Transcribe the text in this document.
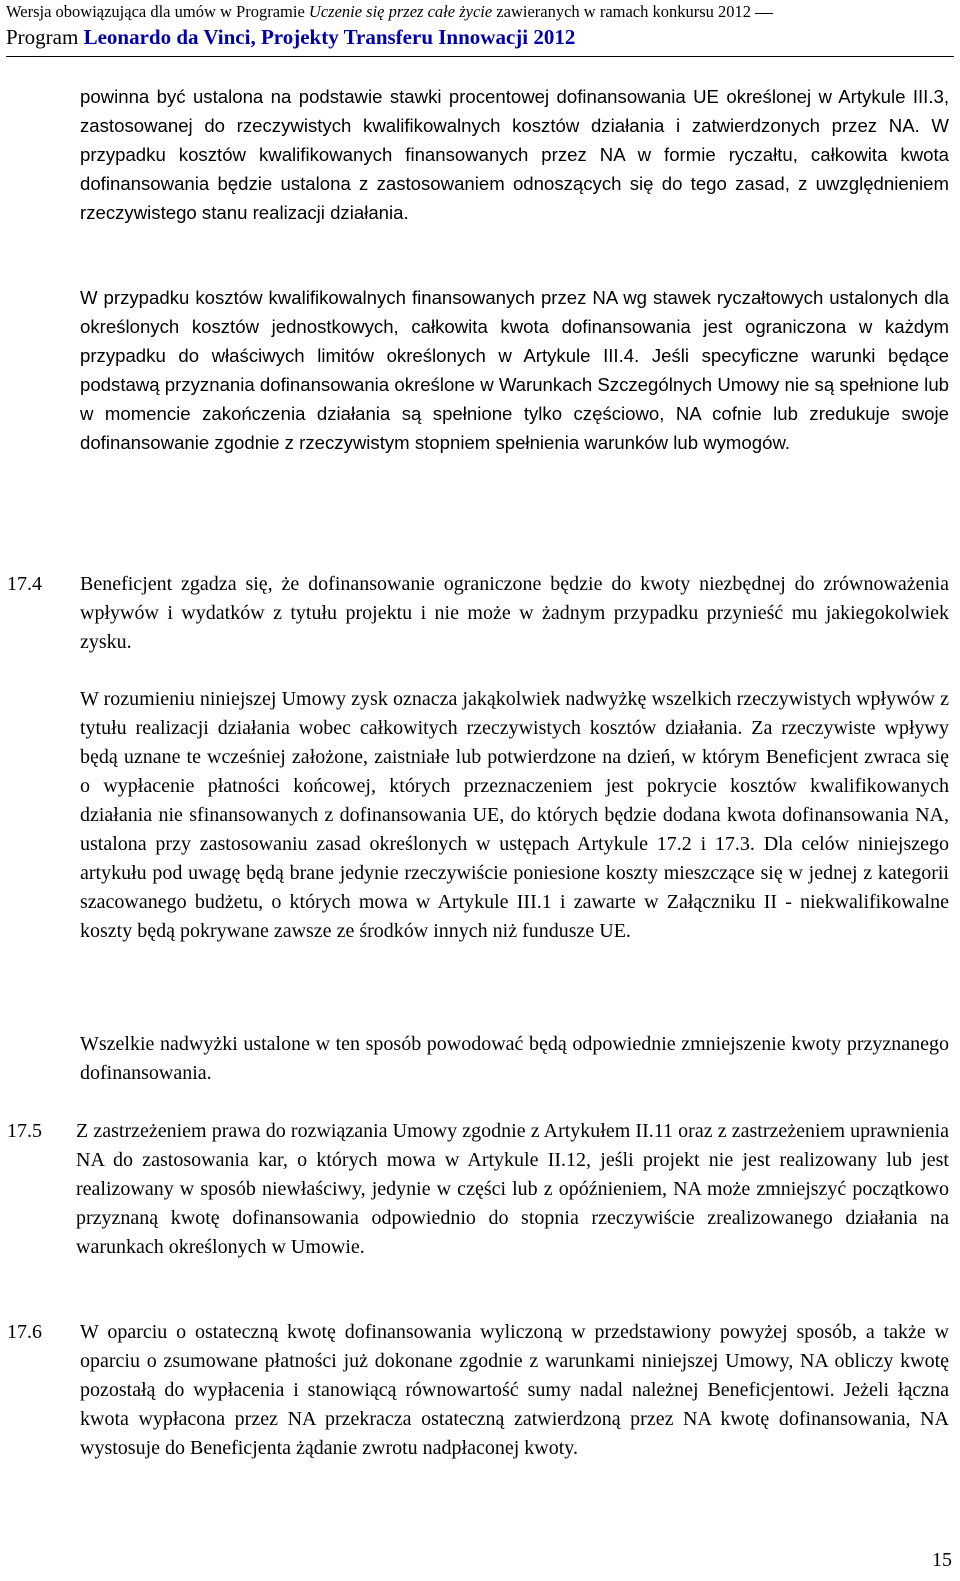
Wersja obowiązująca dla umów w Programie Uczenie się przez całe życie zawieranych w ramach konkursu 2012
Program Leonardo da Vinci, Projekty Transferu Innowacji 2012

powinna być ustalona na podstawie stawki procentowej dofinansowania UE określonej w Artykule III.3, zastosowanej do rzeczywistych kwalifikowalnych kosztów działania i zatwierdzonych przez NA. W przypadku kosztów kwalifikowanych finansowanych przez NA w formie ryczałtu, całkowita kwota dofinansowania będzie ustalona z zastosowaniem odnoszących się do tego zasad, z uwzględnieniem rzeczywistego stanu realizacji działania.

W przypadku kosztów kwalifikowalnych finansowanych przez NA wg stawek ryczałtowych ustalonych dla określonych kosztów jednostkowych, całkowita kwota dofinansowania jest ograniczona w każdym przypadku do właściwych limitów określonych w Artykule III.4. Jeśli specyficzne warunki będące podstawą przyznania dofinansowania określone w Warunkach Szczególnych Umowy nie są spełnione lub w momencie zakończenia działania są spełnione tylko częściowo, NA cofnie lub zredukuje swoje dofinansowanie zgodnie z rzeczywistym stopniem spełnienia warunków lub wymogów.

17.4 Beneficjent zgadza się, że dofinansowanie ograniczone będzie do kwoty niezbędnej do zrównoważenia wpływów i wydatków z tytułu projektu i nie może w żadnym przypadku przynieść mu jakiegokolwiek zysku.

W rozumieniu niniejszej Umowy zysk oznacza jakąkolwiek nadwyżkę wszelkich rzeczywistych wpływów z tytułu realizacji działania wobec całkowitych rzeczywistych kosztów działania. Za rzeczywiste wpływy będą uznane te wcześniej założone, zaistniałe lub potwierdzone na dzień, w którym Beneficjent zwraca się o wypłacenie płatności końcowej, których przeznaczeniem jest pokrycie kosztów kwalifikowanych działania nie sfinansowanych z dofinansowania UE, do których będzie dodana kwota dofinansowania NA, ustalona przy zastosowaniu zasad określonych w ustępach Artykule 17.2 i 17.3. Dla celów niniejszego artykułu pod uwagę będą brane jedynie rzeczywiście poniesione koszty mieszczące się w jednej z kategorii szacowanego budżetu, o których mowa w Artykule III.1 i zawarte w Załączniku II - niekwalifikowalne koszty będą pokrywane zawsze ze środków innych niż fundusze UE.

Wszelkie nadwyżki ustalone w ten sposób powodować będą odpowiednie zmniejszenie kwoty przyznanego dofinansowania.

17.5 Z zastrzeżeniem prawa do rozwiązania Umowy zgodnie z Artykułem II.11 oraz z zastrzeżeniem uprawnienia NA do zastosowania kar, o których mowa w Artykule II.12, jeśli projekt nie jest realizowany lub jest realizowany w sposób niewłaściwy, jedynie w części lub z opóźnieniem, NA może zmniejszyć początkowo przyznaną kwotę dofinansowania odpowiednio do stopnia rzeczywiście zrealizowanego działania na warunkach określonych w Umowie.

17.6 W oparciu o ostateczną kwotę dofinansowania wyliczoną w przedstawiony powyżej sposób, a także w oparciu o zsumowane płatności już dokonane zgodnie z warunkami niniejszej Umowy, NA obliczy kwotę pozostałą do wypłacenia i stanowiącą równowartość sumy nadal należnej Beneficjentowi. Jeżeli łączna kwota wypłacona przez NA przekracza ostateczną zatwierdzoną przez NA kwotę dofinansowania, NA wystosuje do Beneficjenta żądanie zwrotu nadpłaconej kwoty.

15
